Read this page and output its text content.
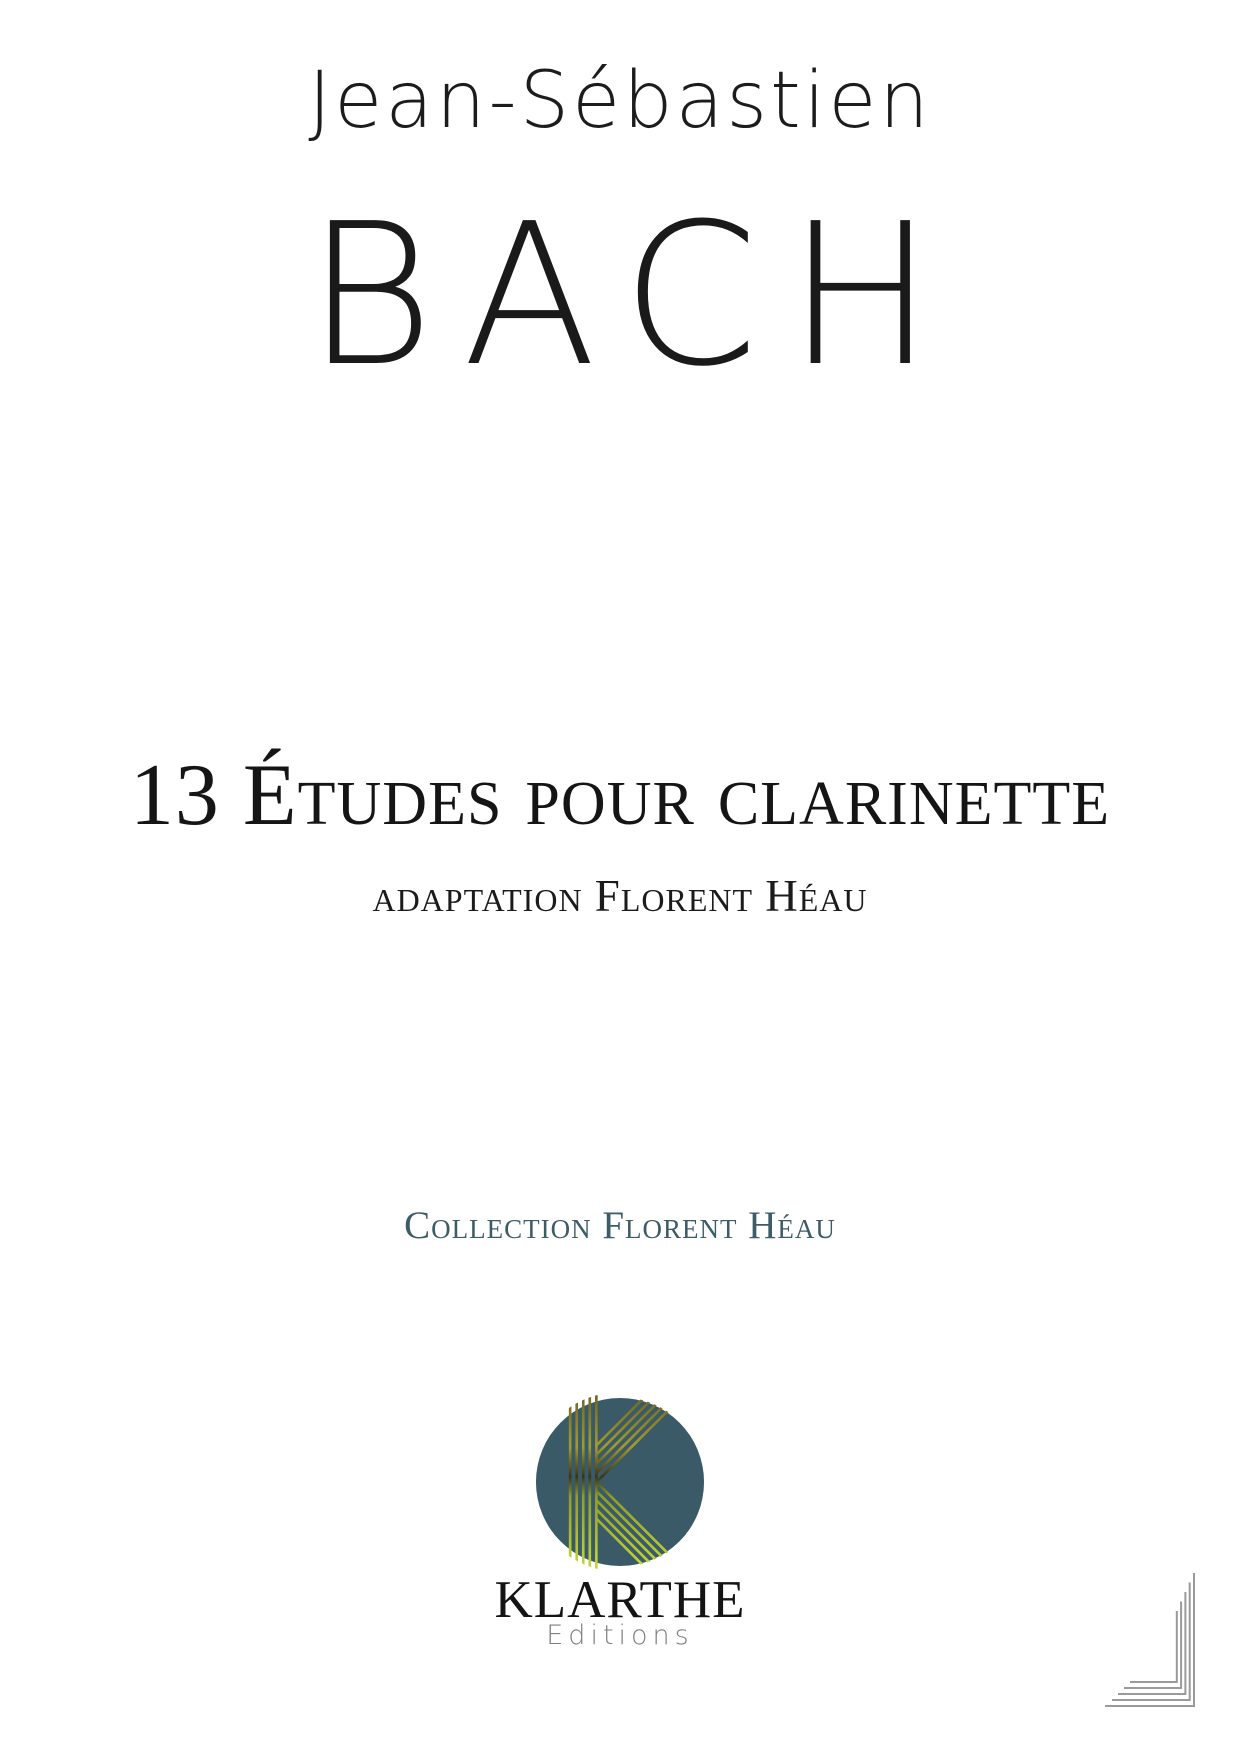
Jean-Sébastien
BACH
13 Études pour clarinette
adaptation Florent Héau
Collection Florent Héau
KLARTHE
Editions
